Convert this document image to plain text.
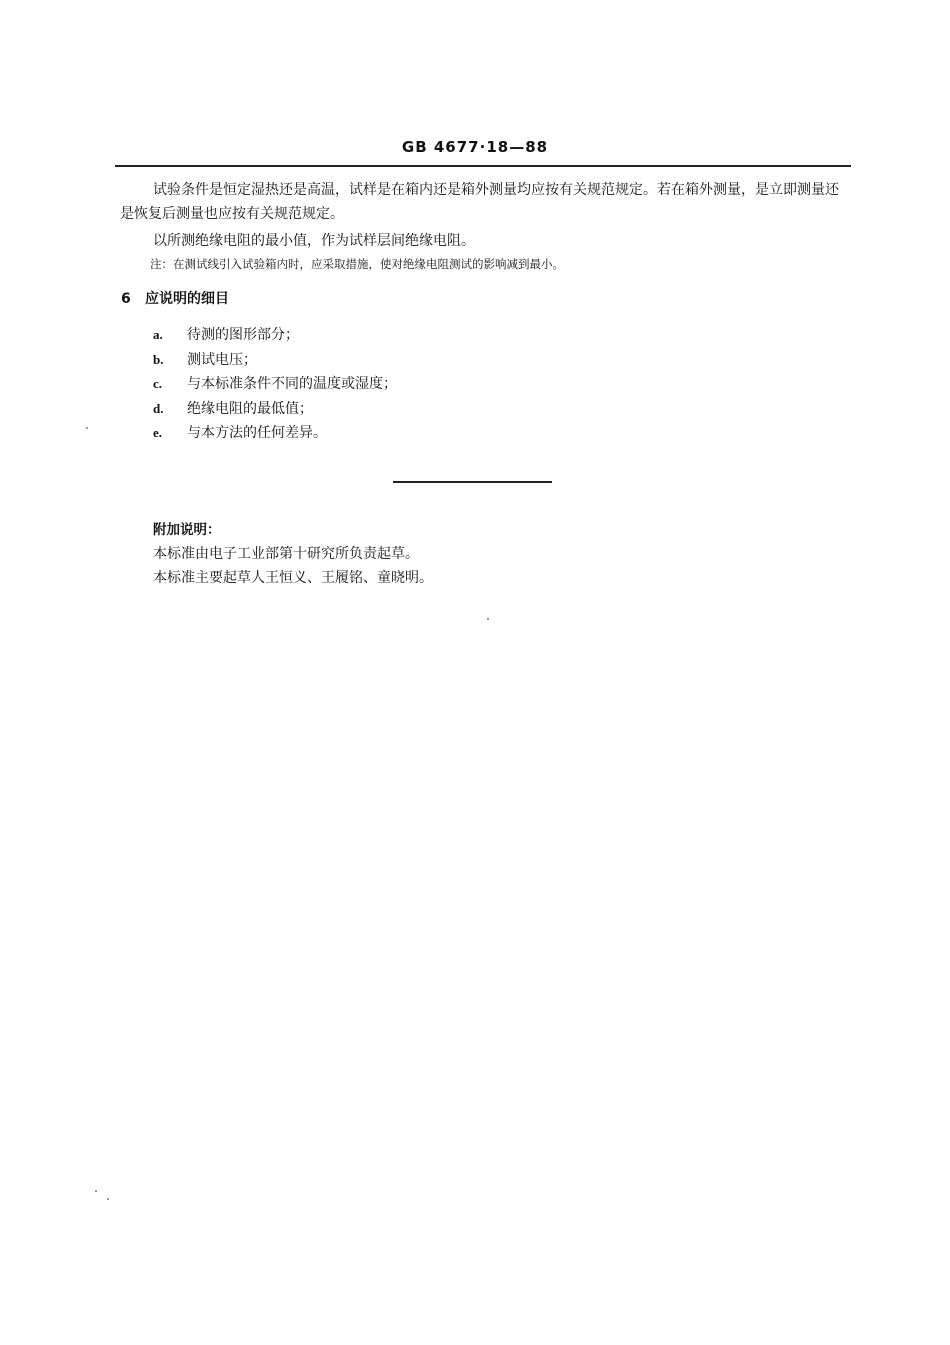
GB 4677·18—88
试验条件是恒定湿热还是高温，试样是在箱内还是箱外测量均应按有关规范规定。若在箱外测量，是立即测量还是恢复后测量也应按有关规范规定。
以所测绝缘电阻的最小值，作为试样层间绝缘电阻。
注：在测试线引入试验箱内时，应采取措施，使对绝缘电阻测试的影响减到最小。
6 应说明的细目
a. 待测的图形部分；
b. 测试电压；
c. 与本标准条件不同的温度或湿度；
d. 绝缘电阻的最低值；
e. 与本方法的任何差异。
附加说明：
本标准由电子工业部第十研究所负责起草。
本标准主要起草人王恒义、王履铭、童晓明。
